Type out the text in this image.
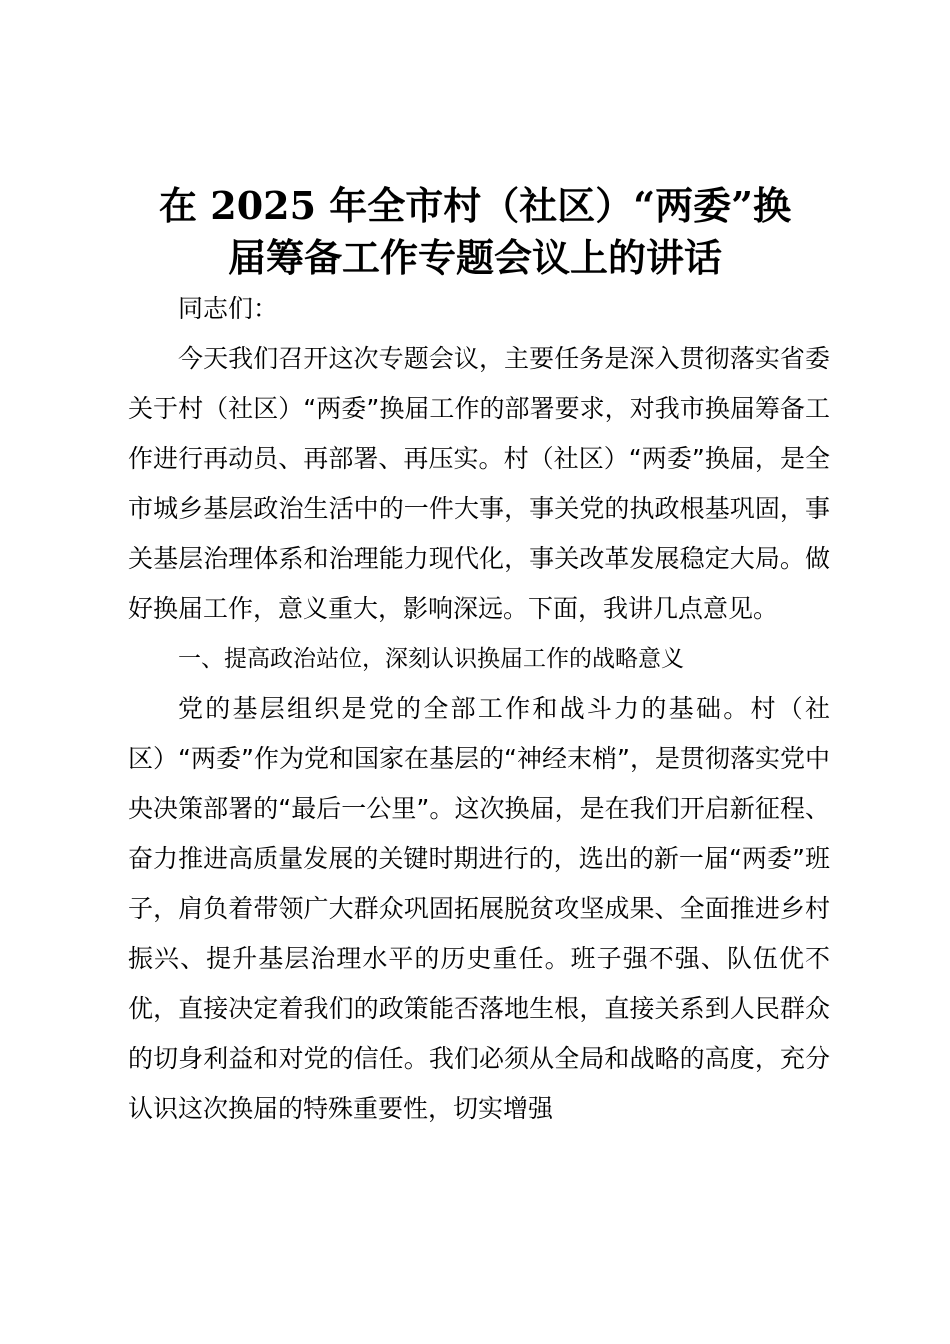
在 2025 年全市村（社区）“两委”换
届筹备工作专题会议上的讲话

同志们：

今天我们召开这次专题会议，主要任务是深入贯彻落实省委关于村（社区）“两委”换届工作的部署要求，对我市换届筹备工作进行再动员、再部署、再压实。村（社区）“两委”换届，是全市城乡基层政治生活中的一件大事，事关党的执政根基巩固，事关基层治理体系和治理能力现代化，事关改革发展稳定大局。做好换届工作，意义重大，影响深远。下面，我讲几点意见。

一、提高政治站位，深刻认识换届工作的战略意义

党的基层组织是党的全部工作和战斗力的基础。村（社区）“两委”作为党和国家在基层的“神经末梢”，是贯彻落实党中央决策部署的“最后一公里”。这次换届，是在我们开启新征程、奋力推进高质量发展的关键时期进行的，选出的新一届“两委”班子，肩负着带领广大群众巩固拓展脱贫攻坚成果、全面推进乡村振兴、提升基层治理水平的历史重任。班子强不强、队伍优不优，直接决定着我们的政策能否落地生根，直接关系到人民群众的切身利益和对党的信任。我们必须从全局和战略的高度，充分认识这次换届的特殊重要性，切实增强
